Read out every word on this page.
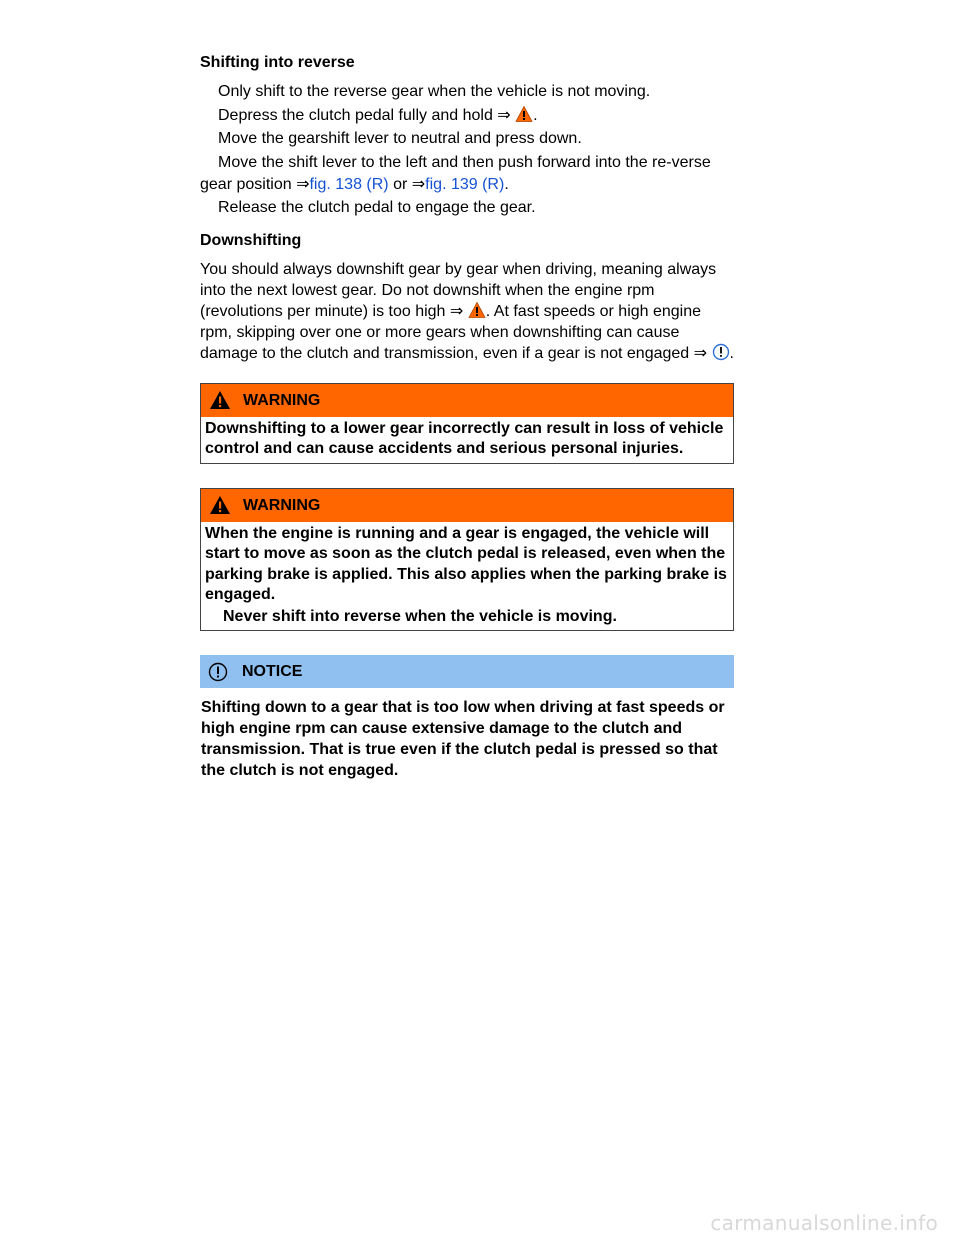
Shifting into reverse
Only shift to the reverse gear when the vehicle is not moving.
Depress the clutch pedal fully and hold ⇒ .
Move the gearshift lever to neutral and press down.
Move the shift lever to the left and then push forward into the re-verse gear position ⇒fig. 138 (R) or ⇒fig. 139 (R).
Release the clutch pedal to engage the gear.
Downshifting
You should always downshift gear by gear when driving, meaning always into the next lowest gear. Do not downshift when the engine rpm (revolutions per minute) is too high ⇒ . At fast speeds or high engine rpm, skipping over one or more gears when downshifting can cause damage to the clutch and transmission, even if a gear is not engaged ⇒ .
WARNING
Downshifting to a lower gear incorrectly can result in loss of vehicle control and can cause accidents and serious personal injuries.
WARNING
When the engine is running and a gear is engaged, the vehicle will start to move as soon as the clutch pedal is released, even when the parking brake is applied. This also applies when the parking brake is engaged.
Never shift into reverse when the vehicle is moving.
NOTICE
Shifting down to a gear that is too low when driving at fast speeds or high engine rpm can cause extensive damage to the clutch and transmission. That is true even if the clutch pedal is pressed so that the clutch is not engaged.
carmanualsonline.info
